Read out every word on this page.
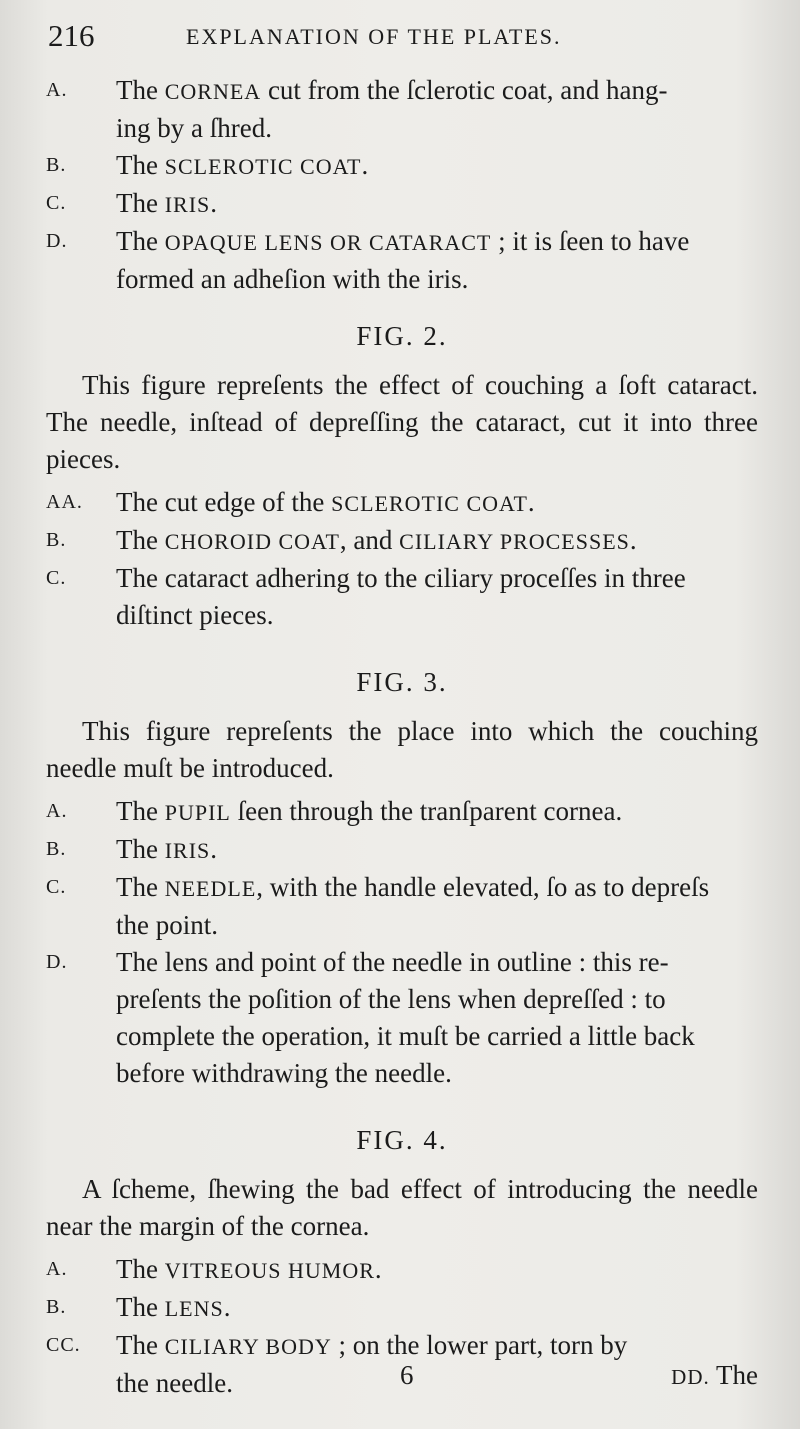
216	EXPLANATION OF THE PLATES.
A.	The CORNEA cut from the ſclerotic coat, and hang-
ing by a ſhred.
B.	The SCLEROTIC COAT.
C.	The IRIS.
D.	The OPAQUE LENS OR CATARACT ; it is ſeen to have
formed an adheſion with the iris.
FIG. 2.

This figure repreſents the effect of couching a ſoft cataract. The needle, inſtead of depreſſing the cataract, cut it into three pieces.

AA.	The cut edge of the SCLEROTIC COAT.
B.	The CHOROID COAT, and CILIARY PROCESSES.
C.	The cataract adhering to the ciliary proceſſes in three
diſtinct pieces.
FIG. 3.

This figure repreſents the place into which the couching needle muſt be introduced.

A.	The PUPIL ſeen through the tranſparent cornea.
B.	The IRIS.
C.	The NEEDLE, with the handle elevated, ſo as to depreſs
the point.
D.	The lens and point of the needle in outline : this re-
preſents the poſition of the lens when depreſſed : to complete the operation, it muſt be carried a little back before withdrawing the needle.
FIG. 4.

A ſcheme, ſhewing the bad effect of introducing the needle near the margin of the cornea.

A.	The VITREOUS HUMOR.
B.	The LENS.
CC.	The CILIARY BODY ; on the lower part, torn by
the needle.	6	DD. The
